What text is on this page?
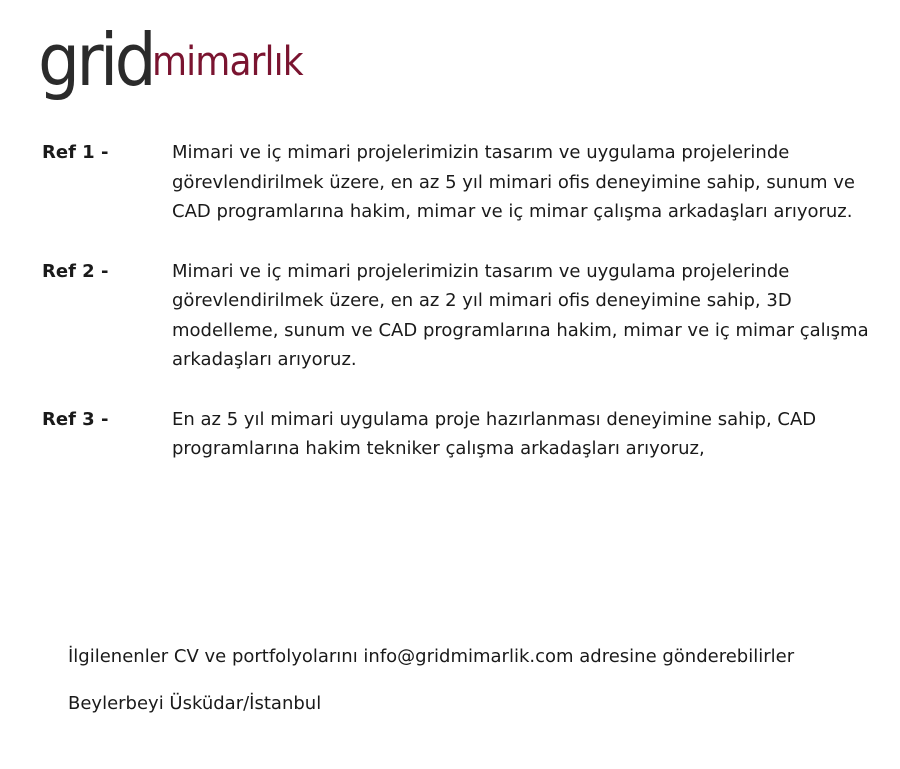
grid
mimarlık
Ref 1 -	Mimari ve iç mimari projelerimizin tasarım ve uygulama projelerinde görevlendirilmek üzere, en az 5 yıl mimari ofis deneyimine sahip, sunum ve CAD programlarına hakim, mimar ve iç mimar çalışma arkadaşları arıyoruz.
Ref 2 -	Mimari ve iç mimari projelerimizin tasarım ve uygulama projelerinde görevlendirilmek üzere, en az 2 yıl mimari ofis deneyimine sahip, 3D modelleme, sunum ve CAD programlarına hakim, mimar ve iç mimar çalışma arkadaşları arıyoruz.
Ref 3 -	En az 5 yıl mimari uygulama proje hazırlanması deneyimine sahip, CAD programlarına hakim tekniker çalışma arkadaşları arıyoruz,
İlgilenenler CV ve portfolyolarını info@gridmimarlik.com adresine gönderebilirler
Beylerbeyi Üsküdar/İstanbul
